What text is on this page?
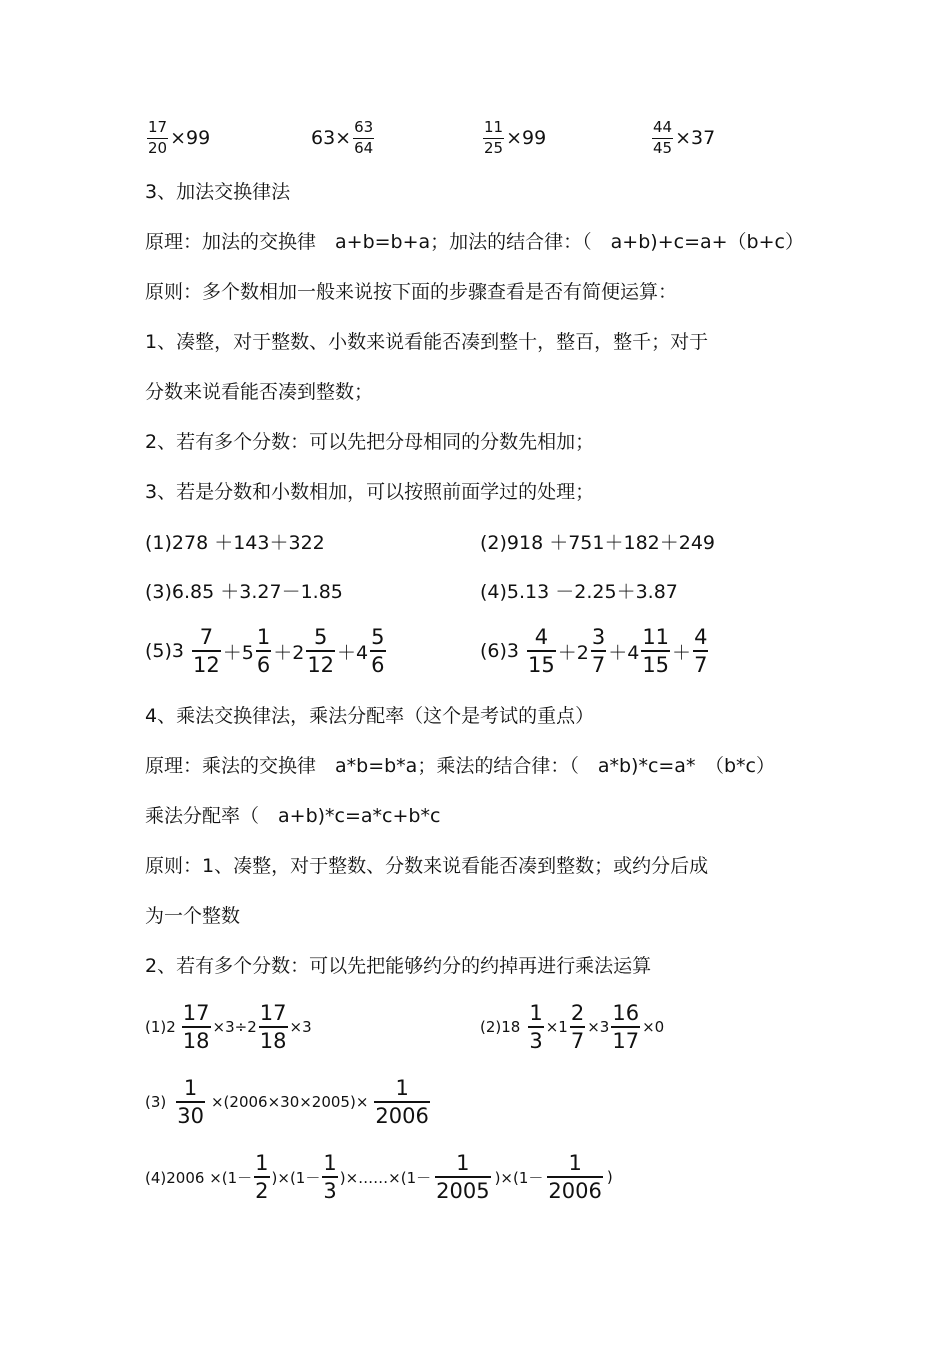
$\frac{17}{20} \times 99$	$63\times \frac{63}{64}$	$\frac{11}{25} \times 99$	$\frac{44}{45} \times 37$
3、加法交换律法
原理：加法的交换律　a+b=b+a；加法的结合律：（　a+b)+c=a+（b+c）
原则：多个数相加一般来说按下面的步骤查看是否有简便运算：
1、凑整，对于整数、小数来说看能否凑到整十，整百，整千；对于
分数来说看能否凑到整数；
2、若有多个分数：可以先把分母相同的分数先相加；
3、若是分数和小数相加，可以按照前面学过的处理；
(1)278 ＋143＋322	(2)918 ＋751＋182＋249
(3)6.85 ＋3.27－1.85	(4)5.13 －2.25＋3.87
$(5)3 \frac{7}{12} +5 \frac{1}{6} +2 \frac{5}{12} +4 \frac{5}{6}$	$(6)3 \frac{4}{15} +2 \frac{3}{7} +4 \frac{11}{15} + \frac{4}{7}$
4、乘法交换律法，乘法分配率（这个是考试的重点）
原理：乘法的交换律　a*b=b*a；乘法的结合律：（　a*b)*c=a*　（b*c）
乘法分配率（　a+b)*c=a*c+b*c
原则：1、凑整，对于整数、分数来说看能否凑到整数；或约分后成
为一个整数
2、若有多个分数：可以先把能够约分的约掉再进行乘法运算
$(1)2 \frac{17}{18} \times 3\div 2 \frac{17}{18} \times 3$	$(2)18 \frac{1}{3} \times 1 \frac{2}{7} \times 3 \frac{16}{17} \times 0$
$(3) \frac{1}{30} \times(2006\times 30\times 2005)\times \frac{1}{2006}$
$(4)2006 \times(1- \frac{1}{2} )\times(1- \frac{1}{3}$ )×……×(1－ $\frac{1}{2005} )\times(1- \frac{1}{2006}$ )
